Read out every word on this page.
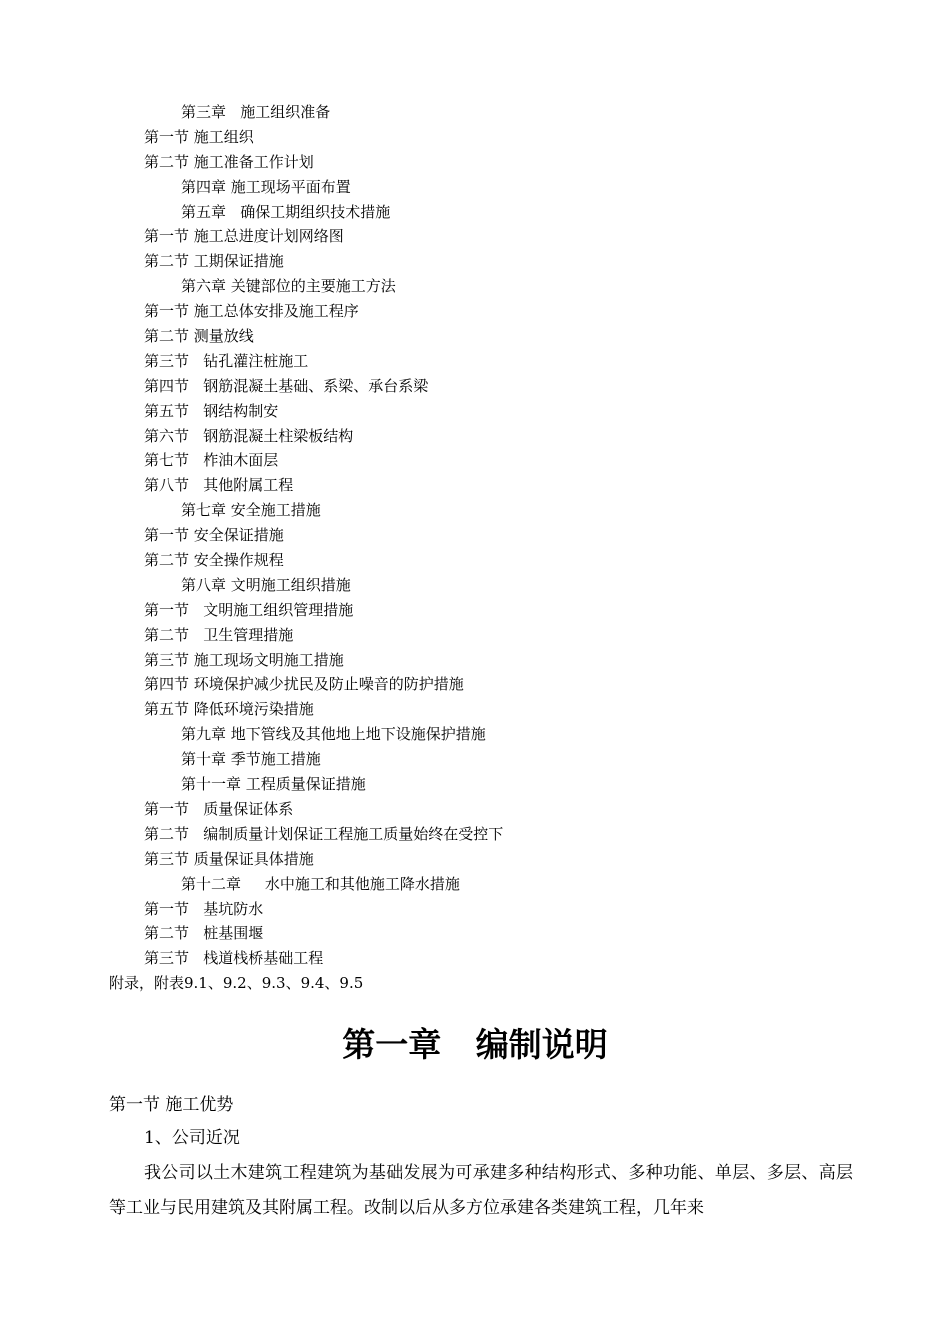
第三章   施工组织准备
第一节 施工组织
第二节 施工准备工作计划
第四章 施工现场平面布置
第五章   确保工期组织技术措施
第一节 施工总进度计划网络图
第二节 工期保证措施
第六章 关键部位的主要施工方法
第一节 施工总体安排及施工程序
第二节 测量放线
第三节   钻孔灌注桩施工
第四节   钢筋混凝土基础、系梁、承台系梁
第五节   钢结构制安
第六节   钢筋混凝土柱梁板结构
第七节   柞油木面层
第八节   其他附属工程
第七章 安全施工措施
第一节 安全保证措施
第二节 安全操作规程
第八章 文明施工组织措施
第一节   文明施工组织管理措施
第二节   卫生管理措施
第三节 施工现场文明施工措施
第四节 环境保护减少扰民及防止噪音的防护措施
第五节 降低环境污染措施
第九章 地下管线及其他地上地下设施保护措施
第十章 季节施工措施
第十一章 工程质量保证措施
第一节   质量保证体系
第二节   编制质量计划保证工程施工质量始终在受控下
第三节 质量保证具体措施
第十二章     水中施工和其他施工降水措施
第一节   基坑防水
第二节   桩基围堰
第三节   栈道栈桥基础工程
附录，附表9.1、9.2、9.3、9.4、9.5
第一章   编制说明
第一节 施工优势
1、公司近况
我公司以土木建筑工程建筑为基础发展为可承建多种结构形式、多种功能、单层、多层、高层等工业与民用建筑及其附属工程。改制以后从多方位承建各类建筑工程，几年来
